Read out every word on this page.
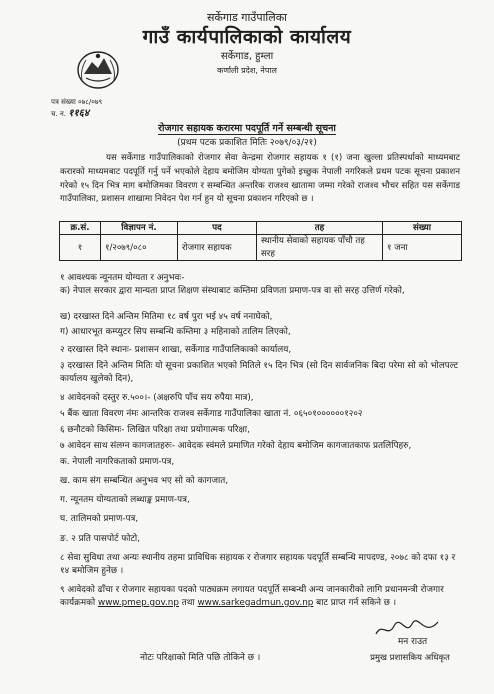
सर्केगाड गाउँपालिका
गाउँ कार्यपालिकाको कार्यालय
सर्केगाड, हुम्ला
कर्णाली प्रदेश, नेपाल
पत्र संख्या ०७८/०७९
च. न. ११६४
रोजगार सहायक करारमा पदपूर्ति गर्ने सम्बन्धी सूचना
(प्रथम पटक प्रकाशित मितिः २०७९/०३/२१)
यस सर्केगाड गाउँपालिकाको रोजगार सेवा केन्द्रमा रोजगार सहायक १ (१) जना खुल्ला प्रतिस्पर्धाको माध्यमबाट करारको माध्यमबाट पदपूर्ति गर्नु पर्ने भएकोले देहाय बमोजिम योग्यता पुगेको इच्छुक नेपाली नगरिकले प्रथम पटक सूचना प्रकाशन गरेको १५ दिन भित्र माग बमोजिमका विवरण र सम्बन्धित अन्तरिक राजश्व खातामा जम्मा गरेको राजश्व भौचर सहित यस सर्केगाड गाउँपालिका, प्रशासन शाखामा निवेदन पेश गर्न हुन यो सूचना प्रकाशन गरिएको छ ।
क्र.सं.	विज्ञापन नं.	पद	तह	संख्या
१	१/२०७९/०८०	रोजगार सहायक	स्थानीय सेवाको सहायक पाँचौ तह सरह	१ जना
१ आवश्यक न्यूनतम योग्यता र अनुभवः-
क) नेपाल सरकार द्वारा मान्यता प्राप्त शिक्षण संस्थाबाट कम्तिमा प्रविणता प्रमाण-पत्र वा सो सरह उत्तिर्ण गरेको,
ख) दरखास्त दिने अन्तिम मितिमा १८ वर्ष पुरा भई ४५ वर्ष ननाघेको,
ग) आधारभूत कम्प्युटर सिप सम्बन्धि कम्तिमा ३ महिनाको तालिम लिएको,
२ दरखास्त दिने स्थानः- प्रशासन शाखा, सर्केगाड गाउँपालिकाको कार्यालय,
३ दरखास्त दिने अन्तिम मितिः यो सूचना प्रकाशित भएको मितिले १५ दिन भित्र (सो दिन सार्वजनिक बिदा परेमा सो को भोलपल्ट कार्यालय खुलेको दिन),
४ आवेदनको दस्तुर रु.५००।- (अक्षरुपि पाँच सय रुपैया मात्र),
५ बैंक खाता विवरण नंमः आन्तरिक राजश्व सर्केगाड गाउँपालिका खाता नं. ०६५०१००००००१२०२
६ छनौटको किसिमः- लिखित परिक्षा तथा प्रयोगात्मक परिक्षा,
७ आवेदन साथ संलग्न कागजातहरुः- आवेदक स्वंमले प्रमाणित गरेको देहाय बमोजिम कागजातकाफ प्रतलिपिहरु,
क. नेपाली नागरिकताको प्रमाण-पत्र,
ख. काम संग सम्बन्धित अनुभव भए सो को कागजात,
ग. न्यूनतम योग्यताको लब्धाङ्क प्रमाण-पत्र,
घ. तालिमको प्रमाण-पत्र,
ङ. २ प्रति पासपोर्ट फोटो,
८ सेवा सुविधा तथा अन्यः स्थानीय तहमा प्राविधिक सहायक र रोजगार सहायक पदपूर्ति सम्बन्धि मापदण्ड, २०७८ को दफा १३ र १४ बमोजिम हुनेछ ।
९ आवेदको ढाँचा र रोजगार सहायका पदको पाठ्यक्रम लगायत पदपूर्ति सम्बन्धी अन्य जानकारीको लागि प्रधानमन्त्री रोजगार कार्यक्रमको www.pmep.gov.np तथा www.sarkegadmun.gov.np बाट प्राप्त गर्न सकिने छ ।
मन राउत
प्रमुख प्रशासकिय अधिकृत
नोटः परिक्षाको मिति पछि तोकिने छ ।
